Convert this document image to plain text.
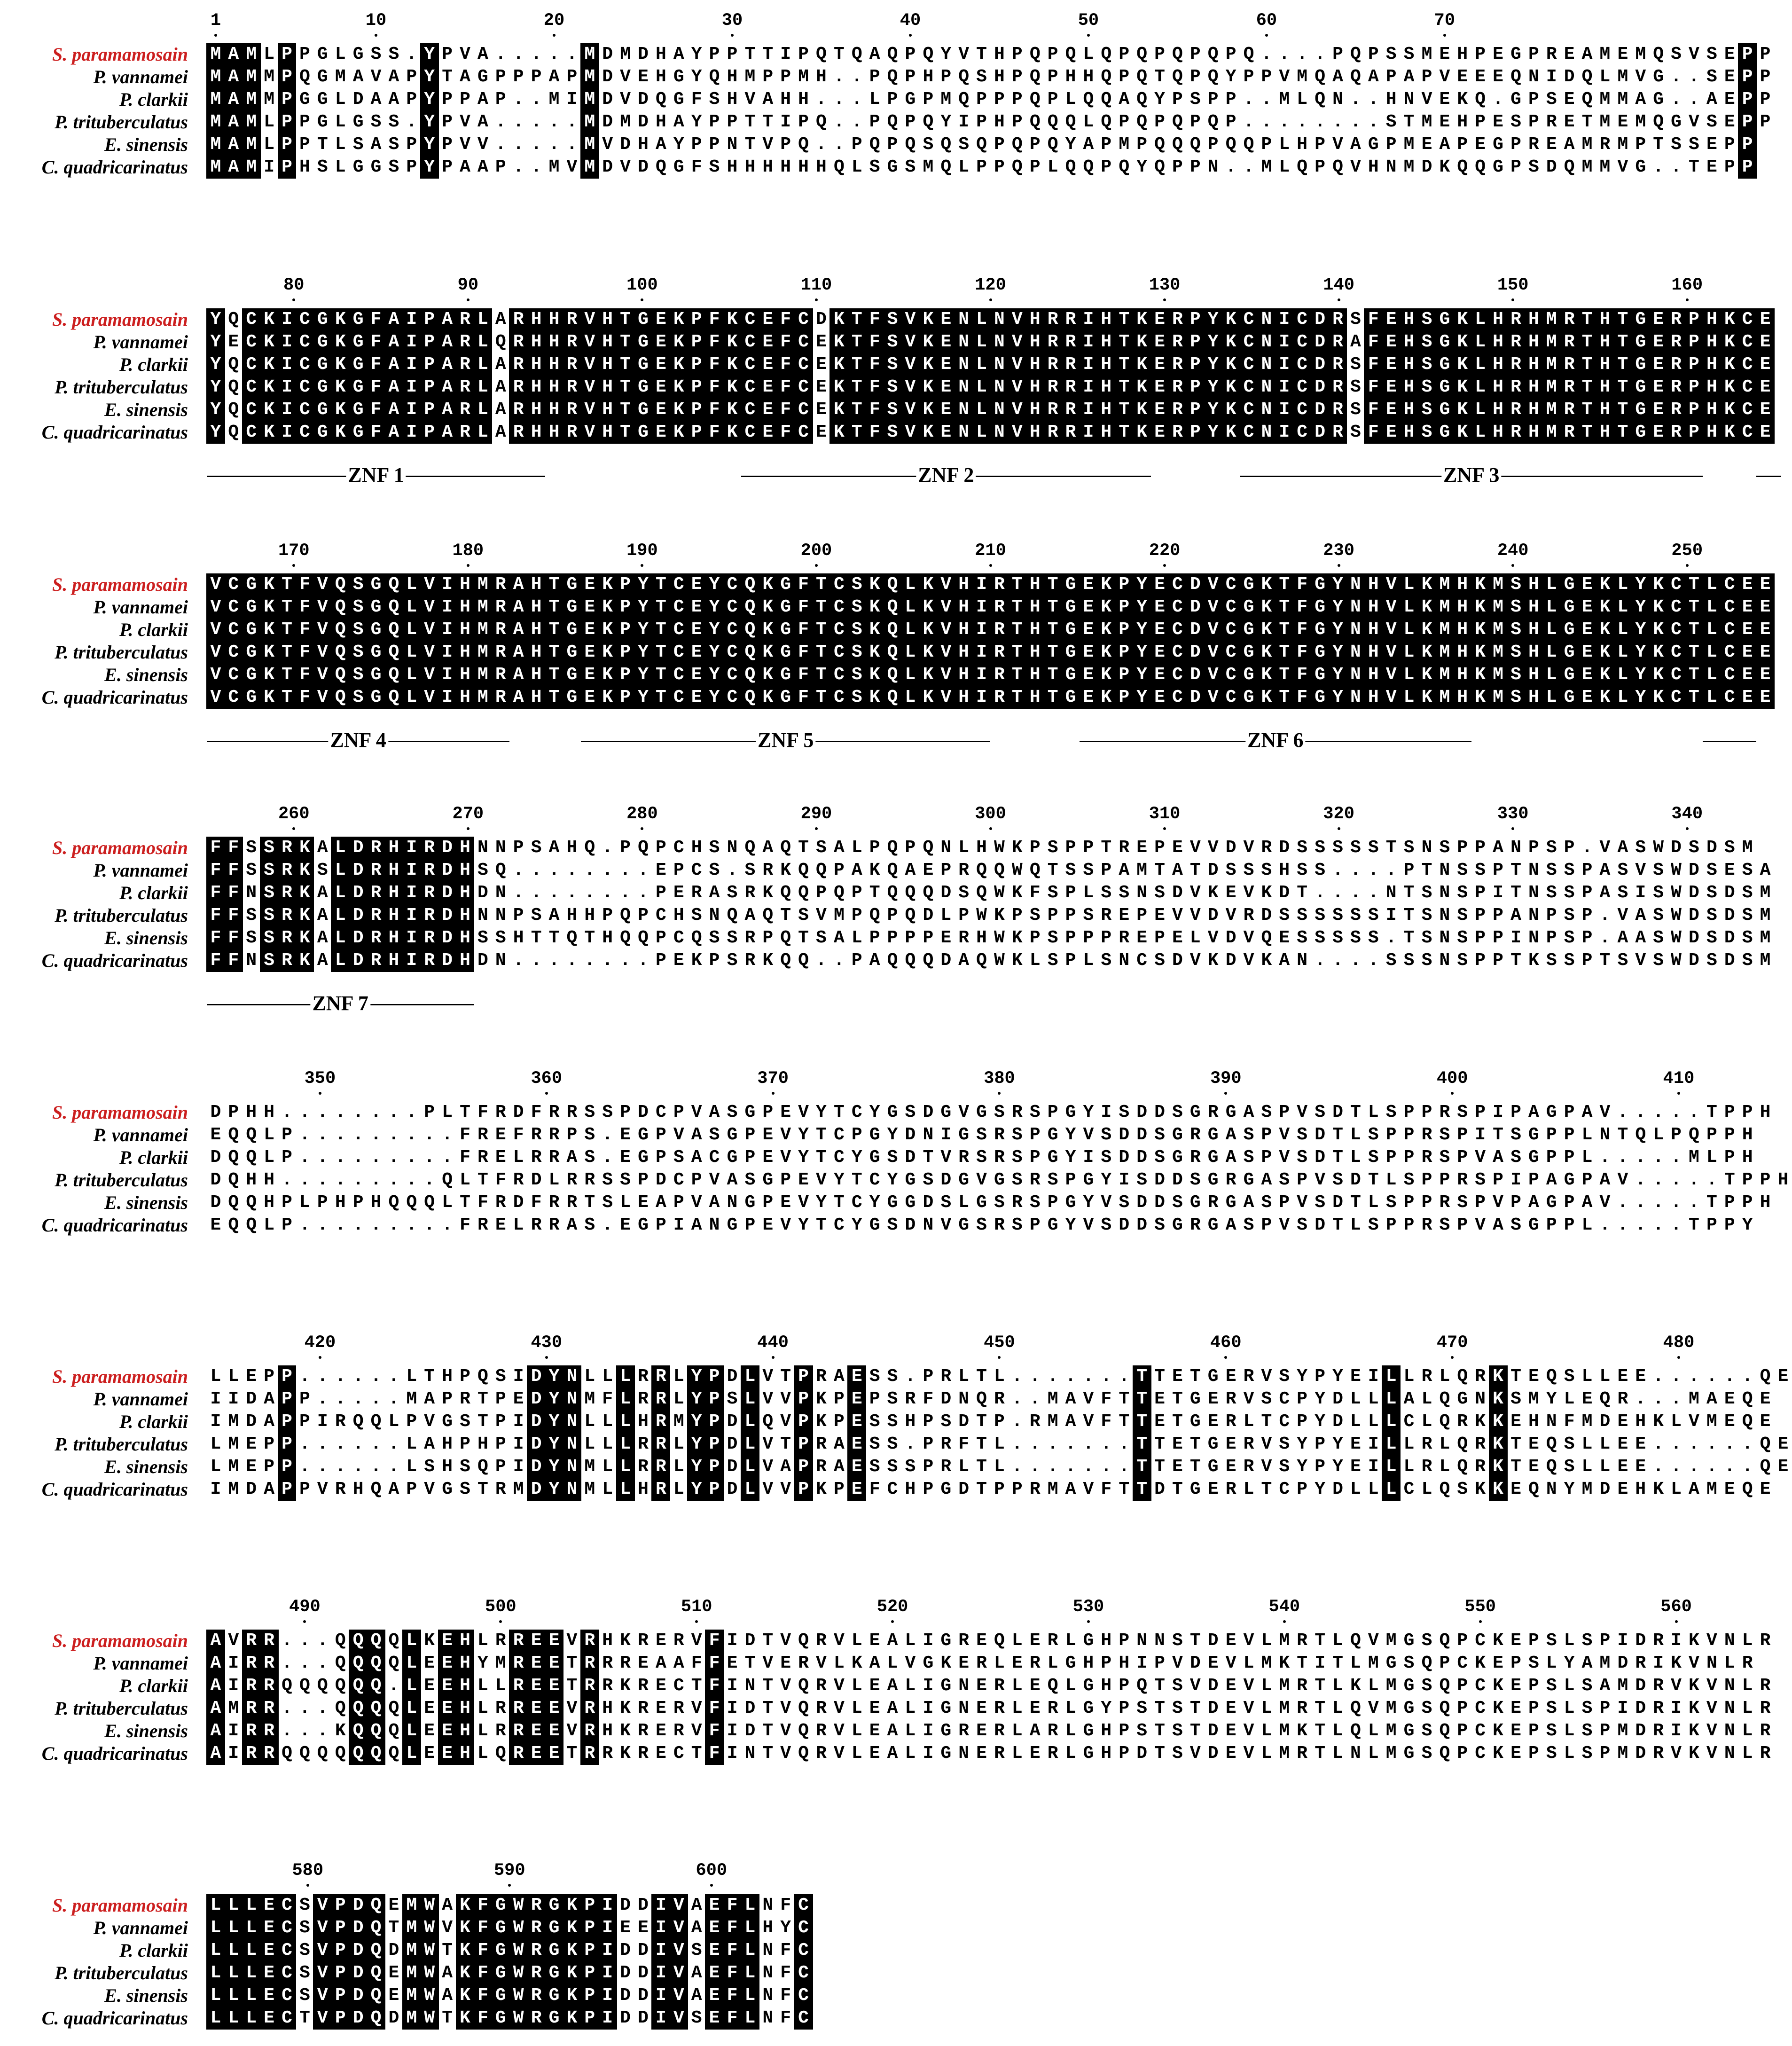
1	10	20	30	40	50	60	70
S. paramamosain M A M L P P G L G S S . Y P V A . . . . . M D M D H A Y P P T T I P Q T Q A Q P Q Y V T H P Q P Q L Q P Q P Q P Q P Q . . . . P Q P S S M E H P E G P R E A M E M Q S V S E P P
P. vannamei M A M M P Q G M A V A P Y T A G P P P A P M D V E H G Y Q H M P P M H . . P Q P H P Q S H P Q P H H Q P Q T Q P Q Y P P V M Q A Q A P A P V E E E Q N I D Q L M V G . . S E P P
P. clarkii M A M M P G G L D A A P Y P P A P . . M I M D V D Q G F S H V A H H . . . L P G P M Q P P P Q P L Q Q A Q Y P S P P . . M L Q N . . H N V E K Q . G P S E Q M M A G . . A E P P
P. trituberculatus M A M L P P G L G S S . Y P V A . . . . . M D M D H A Y P P T T I P Q . . P Q P Q Y I P H P Q Q Q L Q P Q P Q P Q P . . . . . . . . S T M E H P E S P R E T M E M Q G V S E P P
E. sinensis M A M L P P T L S A S P Y P V V . . . . . M V D H A Y P P N T V P Q . . P Q P Q S Q S Q P Q P Q Y A P M P Q Q Q P Q Q P L H P V A G P M E A P E G P R E A M R M P T S S E P P
C. quadricarinatus M A M I P H S L G G S P Y P A A P . . M V M D V D Q G F S H H H H H H Q L S G S M Q L P P Q P L Q Q P Q Y Q P P N . . M L Q P Q V H N M D K Q Q G P S D Q M M V G . . T E P P
80	90	100	110	120	130	140	150	160
S. paramamosain Y Q C K I C G K G F A I P A R L A R H H R V H T G E K P F K C E F C D K T F S V K E N L N V H R R I H T K E R P Y K C N I C D R S F E H S G K L H R H M R T H T G E R P H K C E
P. vannamei Y E C K I C G K G F A I P A R L Q R H H R V H T G E K P F K C E F C E K T F S V K E N L N V H R R I H T K E R P Y K C N I C D R A F E H S G K L H R H M R T H T G E R P H K C E
P. clarkii Y Q C K I C G K G F A I P A R L A R H H R V H T G E K P F K C E F C E K T F S V K E N L N V H R R I H T K E R P Y K C N I C D R S F E H S G K L H R H M R T H T G E R P H K C E
P. trituberculatus Y Q C K I C G K G F A I P A R L A R H H R V H T G E K P F K C E F C E K T F S V K E N L N V H R R I H T K E R P Y K C N I C D R S F E H S G K L H R H M R T H T G E R P H K C E
E. sinensis Y Q C K I C G K G F A I P A R L A R H H R V H T G E K P F K C E F C E K T F S V K E N L N V H R R I H T K E R P Y K C N I C D R S F E H S G K L H R H M R T H T G E R P H K C E
C. quadricarinatus Y Q C K I C G K G F A I P A R L A R H H R V H T G E K P F K C E F C E K T F S V K E N L N V H R R I H T K E R P Y K C N I C D R S F E H S G K L H R H M R T H T G E R P H K C E
ZNF 1	ZNF 2	ZNF 3
170	180	190	200	210	220	230	240	250
S. paramamosain V C G K T F V Q S G Q L V I H M R A H T G E K P Y T C E Y C Q K G F T C S K Q L K V H I R T H T G E K P Y E C D V C G K T F G Y N H V L K M H K M S H L G E K L Y K C T L C E E
P. vannamei V C G K T F V Q S G Q L V I H M R A H T G E K P Y T C E Y C Q K G F T C S K Q L K V H I R T H T G E K P Y E C D V C G K T F G Y N H V L K M H K M S H L G E K L Y K C T L C E E
P. clarkii V C G K T F V Q S G Q L V I H M R A H T G E K P Y T C E Y C Q K G F T C S K Q L K V H I R T H T G E K P Y E C D V C G K T F G Y N H V L K M H K M S H L G E K L Y K C T L C E E
P. trituberculatus V C G K T F V Q S G Q L V I H M R A H T G E K P Y T C E Y C Q K G F T C S K Q L K V H I R T H T G E K P Y E C D V C G K T F G Y N H V L K M H K M S H L G E K L Y K C T L C E E
E. sinensis V C G K T F V Q S G Q L V I H M R A H T G E K P Y T C E Y C Q K G F T C S K Q L K V H I R T H T G E K P Y E C D V C G K T F G Y N H V L K M H K M S H L G E K L Y K C T L C E E
C. quadricarinatus V C G K T F V Q S G Q L V I H M R A H T G E K P Y T C E Y C Q K G F T C S K Q L K V H I R T H T G E K P Y E C D V C G K T F G Y N H V L K M H K M S H L G E K L Y K C T L C E E
ZNF 4	ZNF 5	ZNF 6
260	270	280	290	300	310	320	330	340
S. paramamosain F F S S R K A L D R H I R D H N N P S A H Q . P Q P C H S N Q A Q T S A L P Q P Q N L H W K P S P P T R E P E V V D V R D S S S S S T S N S P P A N P S P . V A S W D S D S M
P. vannamei F F S S R K S L D R H I R D H S Q . . . . . . . . E P C S . S R K Q Q P A K Q A E P R Q Q W Q T S S P A M T A T D S S S H S S . . . . P T N S S P T N S S P A S V S W D S E S A
P. clarkii F F N S R K A L D R H I R D H D N . . . . . . . . P E R A S R K Q Q P Q P T Q Q Q D S Q W K F S P L S S N S D V K E V K D T . . . . N T S N S P I T N S S P A S I S W D S D S M
P. trituberculatus F F S S R K A L D R H I R D H N N P S A H H P Q P C H S N Q A Q T S V M P Q P Q D L P W K P S P P S R E P E V V D V R D S S S S S S I T S N S P P A N P S P . V A S W D S D S M
E. sinensis F F S S R K A L D R H I R D H S S H T T Q T H Q Q P C Q S S R P Q T S A L P P P P E R H W K P S P P P R E P E L V D V Q E S S S S S . T S N S P P I N P S P . A A S W D S D S M
C. quadricarinatus F F N S R K A L D R H I R D H D N . . . . . . . . P E K P S R K Q Q . . P A Q Q Q D A Q W K L S P L S N C S D V K D V K A N . . . . S S S N S P P T K S S P T S V S W D S D S M
ZNF 7
350	360	370	380	390	400	410
S. paramamosain D P H H . . . . . . . . P L T F R D F R R S S P D C P V A S G P E V Y T C Y G S D G V G S R S P G Y I S D D S G R G A S P V S D T L S P P R S P I P A G P A V . . . . . T P P H
P. vannamei E Q Q L P . . . . . . . . . F R E F R R P S . E G P V A S G P E V Y T C P G Y D N I G S R S P G Y V S D D S G R G A S P V S D T L S P P R S P I T S G P P L N T Q L P Q P P H
P. clarkii D Q Q L P . . . . . . . . . F R E L R R A S . E G P S A C G P E V Y T C Y G S D T V R S R S P G Y I S D D S G R G A S P V S D T L S P P R S P V A S G P P L . . . . . M L P H
P. trituberculatus D Q H H . . . . . . . . . Q L T F R D L R R S S P D C P V A S G P E V Y T C Y G S D G V G S R S P G Y I S D D S G R G A S P V S D T L S P P R S P I P A G P A V . . . . . T P P H
E. sinensis D Q Q H P L P H P H Q Q Q L T F R D F R R T S L E A P V A N G P E V Y T C Y G G D S L G S R S P G Y V S D D S G R G A S P V S D T L S P P R S P V P A G P A V . . . . . T P P H
C. quadricarinatus E Q Q L P . . . . . . . . . F R E L R R A S . E G P I A N G P E V Y T C Y G S D N V G S R S P G Y V S D D S G R G A S P V S D T L S P P R S P V A S G P P L . . . . . T P P Y
420	430	440	450	460	470	480
S. paramamosain L L E P P . . . . . . L T H P Q S I D Y N L L L R R L Y P D L V T P R A E S S . P R L T L . . . . . . . T T E T G E R V S Y P Y E I L L R L Q R K T E Q S L L E E . . . . . . Q E
P. vannamei I I D A P P . . . . . M A P R T P E D Y N M F L R R L Y P S L V V P K P E P S R F D N Q R . . M A V F T T E T G E R V S C P Y D L L L A L Q G N K S M Y L E Q R . . . M A E Q E
P. clarkii I M D A P P I R Q Q L P V G S T P I D Y N L L L H R M Y P D L Q V P K P E S S H P S D T P . R M A V F T T E T G E R L T C P Y D L L L C L Q R K K E H N F M D E H K L V M E Q E
P. trituberculatus L M E P P . . . . . . L A H P H P I D Y N L L L R R L Y P D L V T P R A E S S . P R F T L . . . . . . . T T E T G E R V S Y P Y E I L L R L Q R K T E Q S L L E E . . . . . . Q E
E. sinensis L M E P P . . . . . . L S H S Q P I D Y N M L L R R L Y P D L V A P R A E S S S P R L T L . . . . . . . T T E T G E R V S Y P Y E I L L R L Q R K T E Q S L L E E . . . . . . Q E
C. quadricarinatus I M D A P P V R H Q A P V G S T R M D Y N M L L H R L Y P D L V V P K P E F C H P G D T P P R M A V F T T D T G E R L T C P Y D L L L C L Q S K K E Q N Y M D E H K L A M E Q E
490	500	510	520	530	540	550	560
S. paramamosain A V R R . . . Q Q Q Q L K E H L R R E E V R H K R E R V F I D T V Q R V L E A L I G R E Q L E R L G H P N N S T D E V L M R T L Q V M G S Q P C K E P S L S P I D R I K V N L R
P. vannamei A I R R . . . Q Q Q Q L E E H Y M R E E T R R R E A A F F E T V E R V L K A L V G K E R L E R L G H P H I P V D E V L M K T I T L M G S Q P C K E P S L Y A M D R I K V N L R
P. clarkii A I R R Q Q Q Q Q Q . L E E H L L R E E T R R K R E C T F I N T V Q R V L E A L I G N E R L E Q L G H P Q T S V D E V L M R T L K L M G S Q P C K E P S L S A M D R V K V N L R
P. trituberculatus A M R R . . . Q Q Q Q L E E H L R R E E V R H K R E R V F I D T V Q R V L E A L I G N E R L E R L G Y P S T S T D E V L M R T L Q V M G S Q P C K E P S L S P I D R I K V N L R
E. sinensis A I R R . . . K Q Q Q L E E H L R R E E V R H K R E R V F I D T V Q R V L E A L I G R E R L A R L G H P S T S T D E V L M K T L Q L M G S Q P C K E P S L S P M D R I K V N L R
C. quadricarinatus A I R R Q Q Q Q Q Q Q L E E H L Q R E E T R R K R E C T F I N T V Q R V L E A L I G N E R L E R L G H P D T S V D E V L M R T L N L M G S Q P C K E P S L S P M D R V K V N L R
580	590	600
S. paramamosain L L L E C S V P D Q E M W A K F G W R G K P I D D I V A E F L N F C
P. vannamei L L L E C S V P D Q T M W V K F G W R G K P I E E I V A E F L H Y C
P. clarkii L L L E C S V P D Q D M W T K F G W R G K P I D D I V S E F L N F C
P. trituberculatus L L L E C S V P D Q E M W A K F G W R G K P I D D I V A E F L N F C
E. sinensis L L L E C S V P D Q E M W A K F G W R G K P I D D I V A E F L N F C
C. quadricarinatus L L L E C T V P D Q D M W T K F G W R G K P I D D I V S E F L N F C
